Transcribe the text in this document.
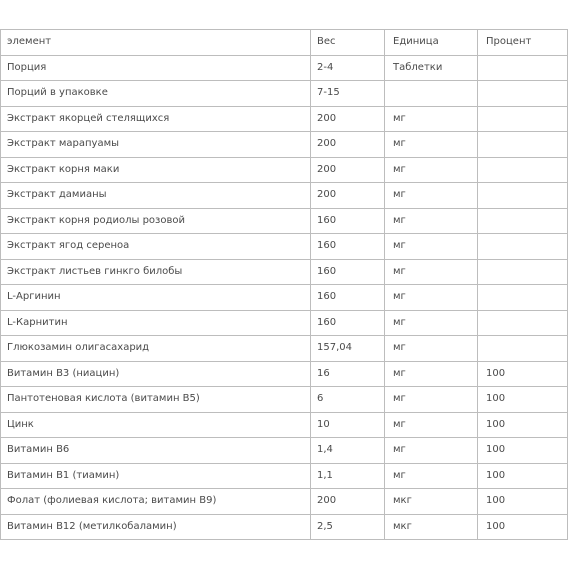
элемент	Вес	Единица	Процент
Порция	2-4	Таблетки	
Порций в упаковке	7-15		
Экстракт якорцей стелящихся	200	мг	
Экстракт марапуамы	200	мг	
Экстракт корня маки	200	мг	
Экстракт дамианы	200	мг	
Экстракт корня родиолы розовой	160	мг	
Экстракт ягод сереноа	160	мг	
Экстракт листьев гинкго билобы	160	мг	
L-Аргинин	160	мг	
L-Карнитин	160	мг	
Глюкозамин олигасахарид	157,04	мг	
Витамин В3 (ниацин)	16	мг	100
Пантотеновая кислота (витамин В5)	6	мг	100
Цинк	10	мг	100
Витамин В6	1,4	мг	100
Витамин В1 (тиамин)	1,1	мг	100
Фолат (фолиевая кислота; витамин В9)	200	мкг	100
Витамин В12 (метилкобаламин)	2,5	мкг	100
